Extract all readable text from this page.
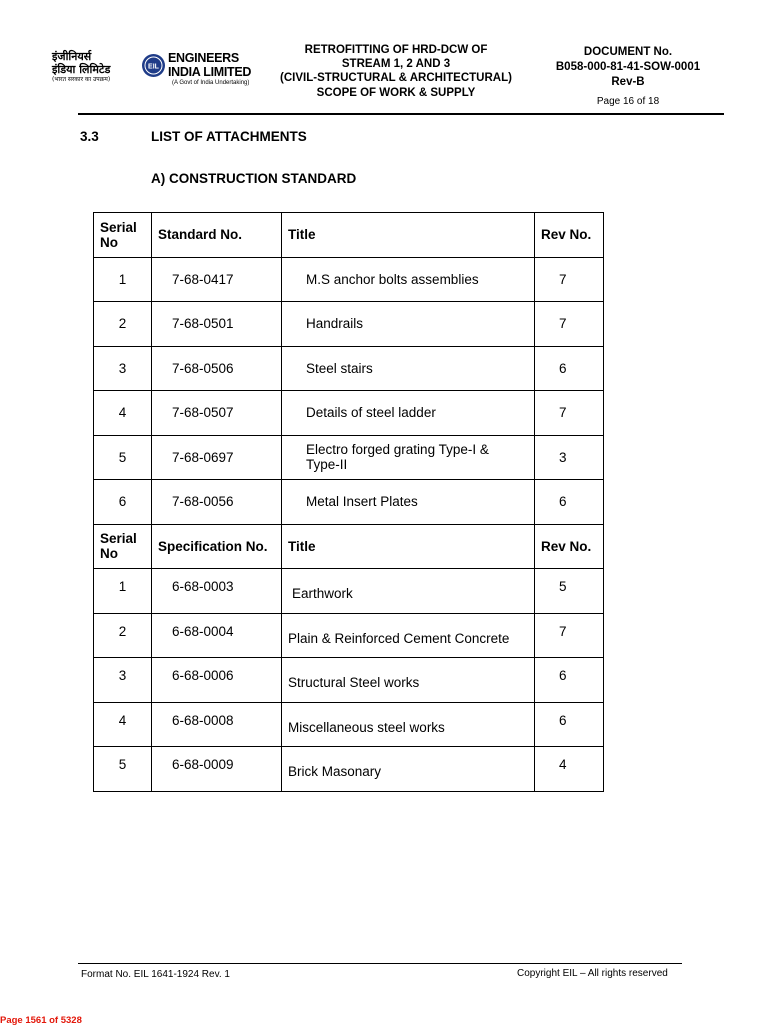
इंजीनियर्स
इंडिया लिमिटेड
(भारत सरकार का उपक्रम)
EIL
ENGINEERS
INDIA LIMITED
(A Govt of India Undertaking)
RETROFITTING OF HRD-DCW OF
STREAM 1, 2 AND 3
(CIVIL-STRUCTURAL & ARCHITECTURAL)
SCOPE OF WORK & SUPPLY
DOCUMENT No.
B058-000-81-41-SOW-0001
Rev-B
Page 16 of 18
3.3	LIST OF ATTACHMENTS
A) CONSTRUCTION STANDARD
Serial No	Standard No.	Title	Rev No.
1	7-68-0417	M.S anchor bolts assemblies	7
2	7-68-0501	Handrails	7
3	7-68-0506	Steel stairs	6
4	7-68-0507	Details of steel ladder	7
5	7-68-0697	Electro forged grating Type-I & Type-II	3
6	7-68-0056	Metal Insert Plates	6
Serial No	Specification No.	Title	Rev No.
1	6-68-0003	Earthwork	5
2	6-68-0004	Plain & Reinforced Cement Concrete	7
3	6-68-0006	Structural Steel works	6
4	6-68-0008	Miscellaneous steel works	6
5	6-68-0009	Brick Masonary	4
Format No. EIL 1641-1924 Rev. 1	Copyright EIL – All rights reserved
Page 1561 of 5328
